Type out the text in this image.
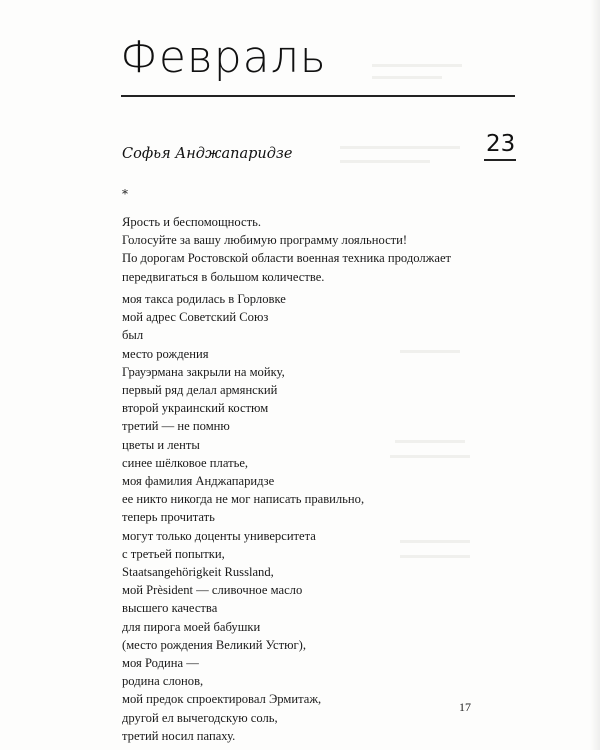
Февраль
23
Софья Анджапаридзе
*
Ярость и беспомощность.
Голосуйте за вашу любимую программу лояльности!
По дорогам Ростовской области военная техника продолжает
передвигаться в большом количестве.
моя такса родилась в Горловке
мой адрес Советский Союз
был
место рождения
Грауэрмана закрыли на мойку,
первый ряд делал армянский
второй украинский костюм
третий — не помню
цветы и ленты
синее шёлковое платье,
моя фамилия Анджапаридзе
ее никто никогда не мог написать правильно,
теперь прочитать
могут только доценты университета
с третьей попытки,
Staatsangehörigkeit Russland,
мой Prèsident — сливочное масло
высшего качества
для пирога моей бабушки
(место рождения Великий Устюг),
моя Родина —
родина слонов,
мой предок спроектировал Эрмитаж,
другой ел вычегодскую соль,
третий носил папаху.
17
